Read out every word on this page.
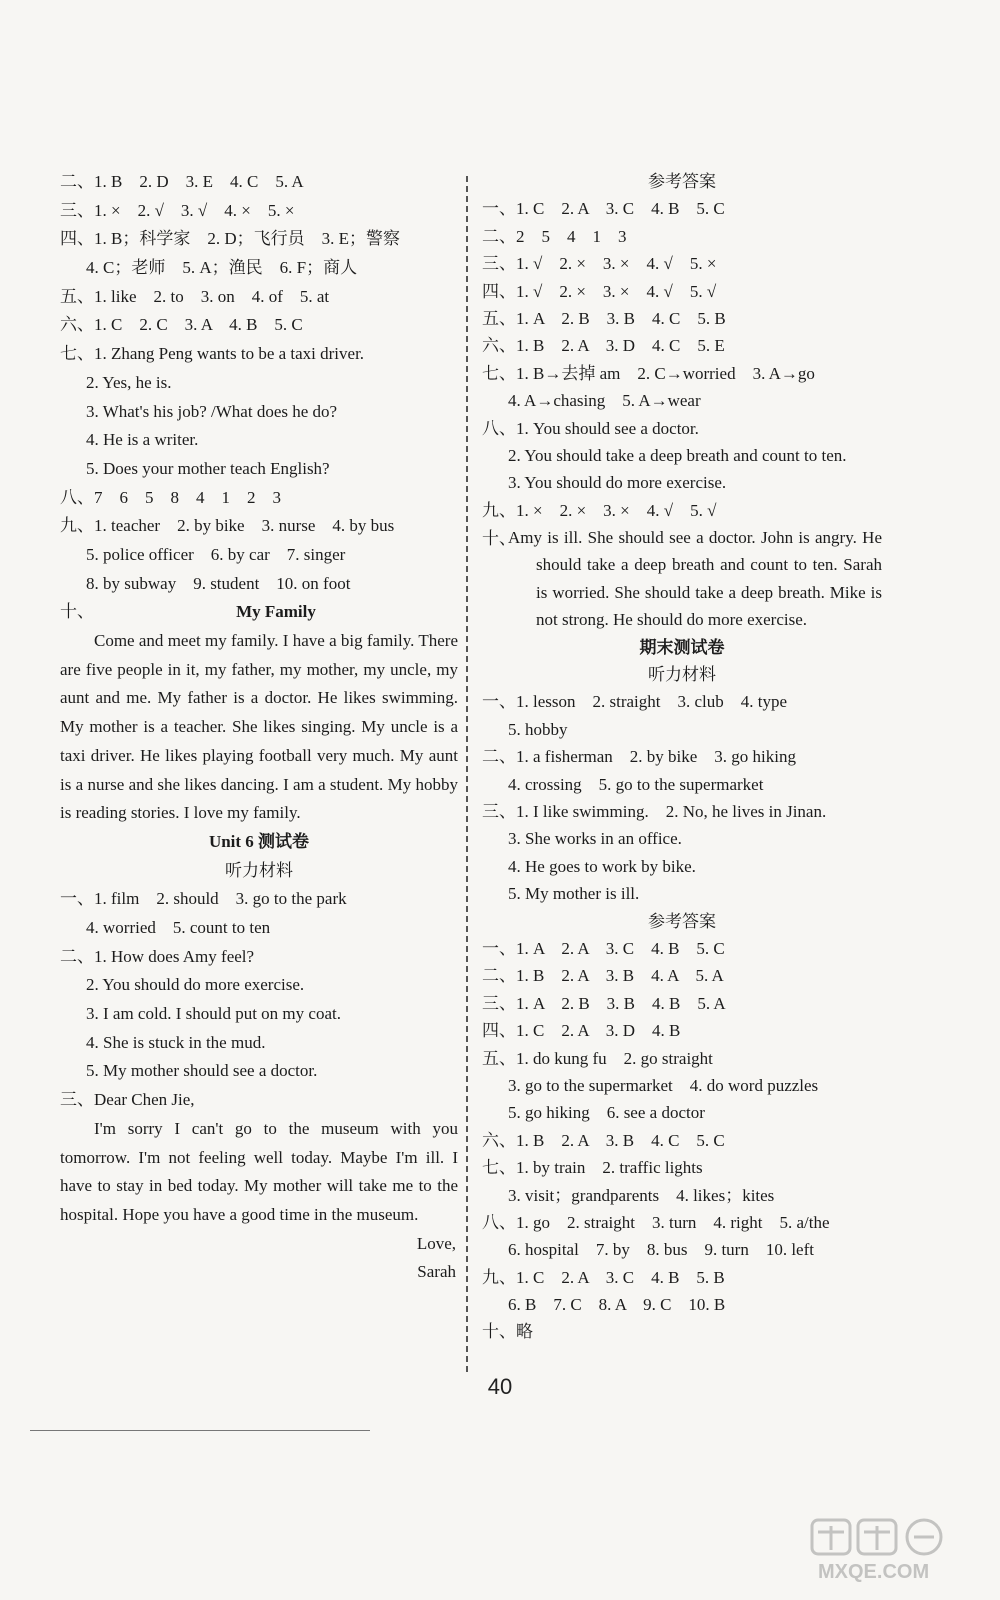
二、1. B　2. D　3. E　4. C　5. A
三、1. ×　2. √　3. √　4. ×　5. ×
四、1. B；科学家　2. D；飞行员　3. E；警察
4. C；老师　5. A；渔民　6. F；商人
五、1. like　2. to　3. on　4. of　5. at
六、1. C　2. C　3. A　4. B　5. C
七、1. Zhang Peng wants to be a taxi driver.
2. Yes, he is.
3. What's his job? /What does he do?
4. He is a writer.
5. Does your mother teach English?
八、7　6　5　8　4　1　2　3
九、1. teacher　2. by bike　3. nurse　4. by bus
5. police officer　6. by car　7. singer
8. by subway　9. student　10. on foot
十、	My Family

Come and meet my family. I have a big family. There are five people in it, my father, my mother, my uncle, my aunt and me. My father is a doctor. He likes swimming. My mother is a teacher. She likes singing. My uncle is a taxi driver. He likes playing football very much. My aunt is a nurse and she likes dancing. I am a student. My hobby is reading stories. I love my family.

Unit 6 测试卷
听力材料
一、1. film　2. should　3. go to the park
4. worried　5. count to ten
二、1. How does Amy feel?
2. You should do more exercise.
3. I am cold. I should put on my coat.
4. She is stuck in the mud.
5. My mother should see a doctor.
三、Dear Chen Jie,

I'm sorry I can't go to the museum with you tomorrow. I'm not feeling well today. Maybe I'm ill. I have to stay in bed today. My mother will take me to the hospital. Hope you have a good time in the museum.

Love,
Sarah
参考答案
一、1. C　2. A　3. C　4. B　5. C
二、2　5　4　1　3
三、1. √　2. ×　3. ×　4. √　5. ×
四、1. √　2. ×　3. ×　4. √　5. √
五、1. A　2. B　3. B　4. C　5. B
六、1. B　2. A　3. D　4. C　5. E
七、1. B→去掉 am　2. C→worried　3. A→go
4. A→chasing　5. A→wear
八、1. You should see a doctor.
2. You should take a deep breath and count to ten.
3. You should do more exercise.
九、1. ×　2. ×　3. ×　4. √　5. √
十、
Amy is ill. She should see a doctor. John is angry. He should take a deep breath and count to ten. Sarah is worried. She should take a deep breath. Mike is not strong. He should do more exercise.
期末测试卷
听力材料
一、1. lesson　2. straight　3. club　4. type
5. hobby
二、1. a fisherman　2. by bike　3. go hiking
4. crossing　5. go to the supermarket
三、1. I like swimming.　2. No, he lives in Jinan.
3. She works in an office.
4. He goes to work by bike.
5. My mother is ill.
参考答案
一、1. A　2. A　3. C　4. B　5. C
二、1. B　2. A　3. B　4. A　5. A
三、1. A　2. B　3. B　4. B　5. A
四、1. C　2. A　3. D　4. B
五、1. do kung fu　2. go straight
3. go to the supermarket　4. do word puzzles
5. go hiking　6. see a doctor
六、1. B　2. A　3. B　4. C　5. C
七、1. by train　2. traffic lights
3. visit；grandparents　4. likes；kites
八、1. go　2. straight　3. turn　4. right　5. a/the
6. hospital　7. by　8. bus　9. turn　10. left
九、1. C　2. A　3. C　4. B　5. B
6. B　7. C　8. A　9. C　10. B
十、略
40
MXQE.COM
